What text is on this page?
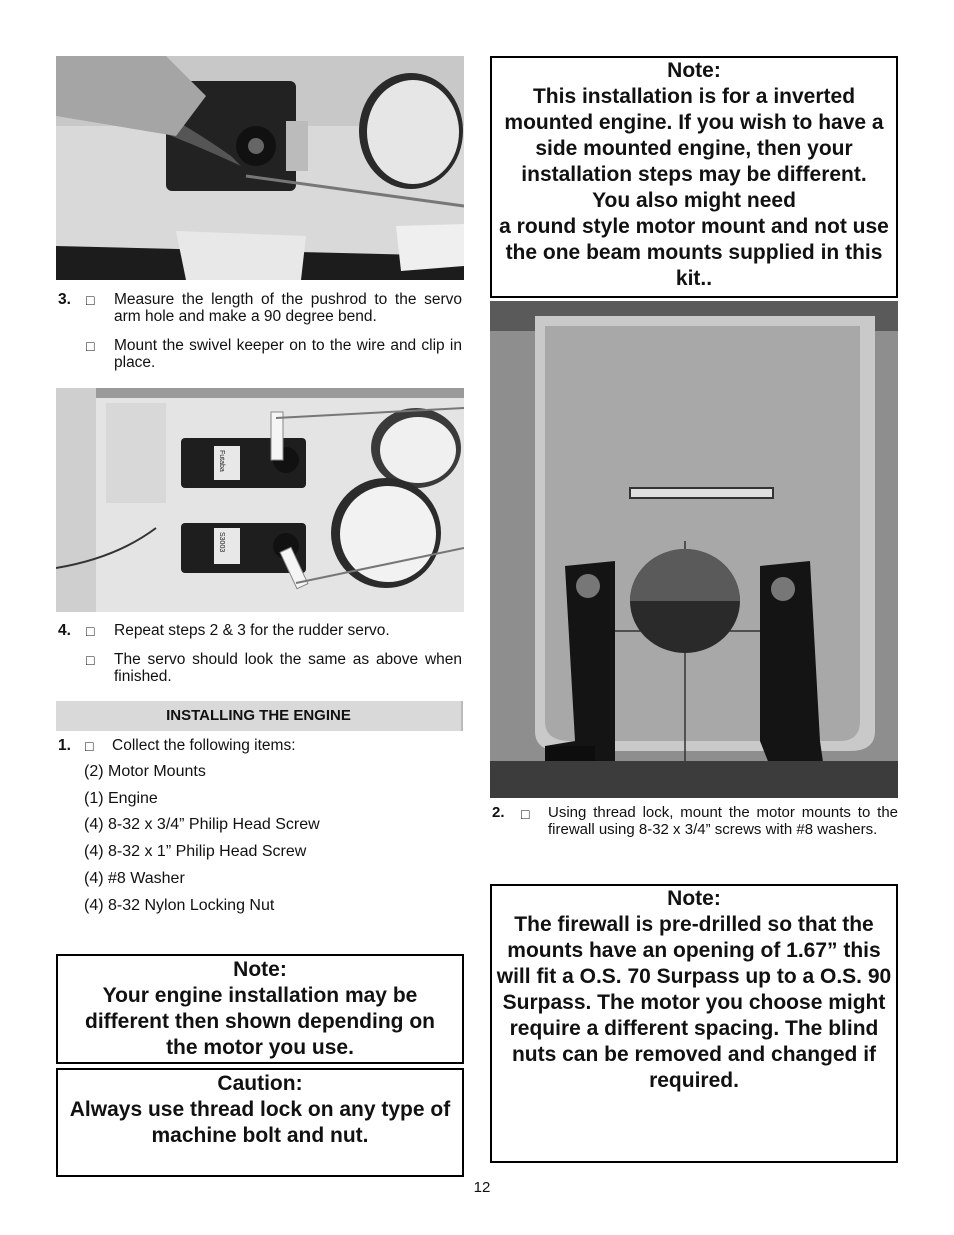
3. □ Measure the length of the pushrod to the servo arm hole and make a 90 degree bend.
□ Mount the swivel keeper on to the wire and clip in place.
Futaba
S3003
4. □ Repeat steps 2 & 3 for the rudder servo.
□ The servo should look the same as above when finished.
INSTALLING THE ENGINE
1. □ Collect the following items:
(2) Motor Mounts
(1) Engine
(4) 8-32 x 3/4” Philip Head Screw
(4) 8-32 x 1” Philip Head Screw
(4) #8 Washer
(4) 8-32 Nylon Locking Nut
Note:
Your engine installation may be different then shown depending on the motor you use.
Caution:
Always use thread lock on any type of machine bolt and nut.
Note:
This installation is for a inverted mounted engine. If you wish to have a side mounted engine, then your installation steps may be different.
You also might need
a round style motor mount and not use the one beam mounts supplied in this kit..
2. □ Using thread lock, mount the motor mounts to the firewall using 8-32 x 3/4” screws with #8 washers.
Note:
The firewall is pre-drilled so that the mounts have an opening of 1.67” this will fit a O.S. 70 Surpass up to a O.S. 90 Surpass. The motor you choose might require a different spacing. The blind nuts can be removed and changed if required.
12
